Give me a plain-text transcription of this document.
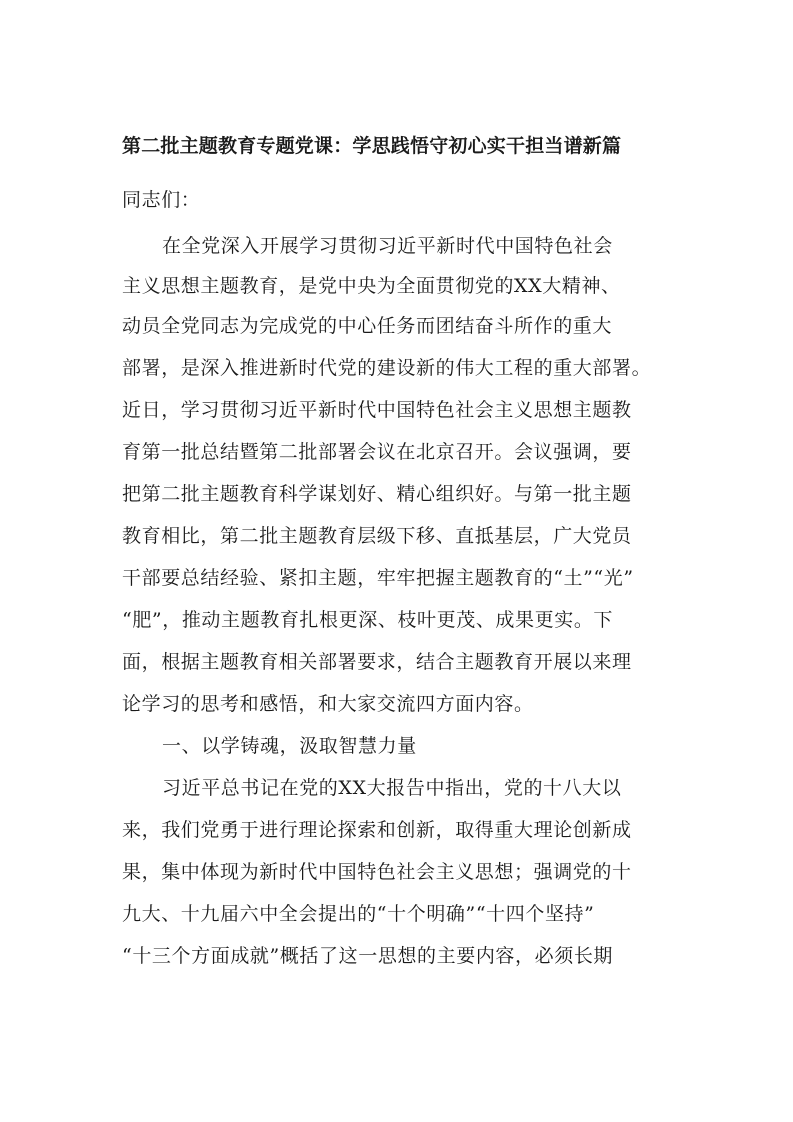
第二批主题教育专题党课：学思践悟守初心实干担当谱新篇
同志们：
在全党深入开展学习贯彻习近平新时代中国特色社会
主义思想主题教育，是党中央为全面贯彻党的XX大精神、
动员全党同志为完成党的中心任务而团结奋斗所作的重大
部署，是深入推进新时代党的建设新的伟大工程的重大部署。
近日，学习贯彻习近平新时代中国特色社会主义思想主题教
育第一批总结暨第二批部署会议在北京召开。会议强调，要
把第二批主题教育科学谋划好、精心组织好。与第一批主题
教育相比，第二批主题教育层级下移、直抵基层，广大党员
干部要总结经验、紧扣主题，牢牢把握主题教育的“土”“光”
“肥”，推动主题教育扎根更深、枝叶更茂、成果更实。下
面，根据主题教育相关部署要求，结合主题教育开展以来理
论学习的思考和感悟，和大家交流四方面内容。
一、以学铸魂，汲取智慧力量
习近平总书记在党的XX大报告中指出，党的十八大以
来，我们党勇于进行理论探索和创新，取得重大理论创新成
果，集中体现为新时代中国特色社会主义思想；强调党的十
九大、十九届六中全会提出的“十个明确”“十四个坚持”
“十三个方面成就”概括了这一思想的主要内容，必须长期
